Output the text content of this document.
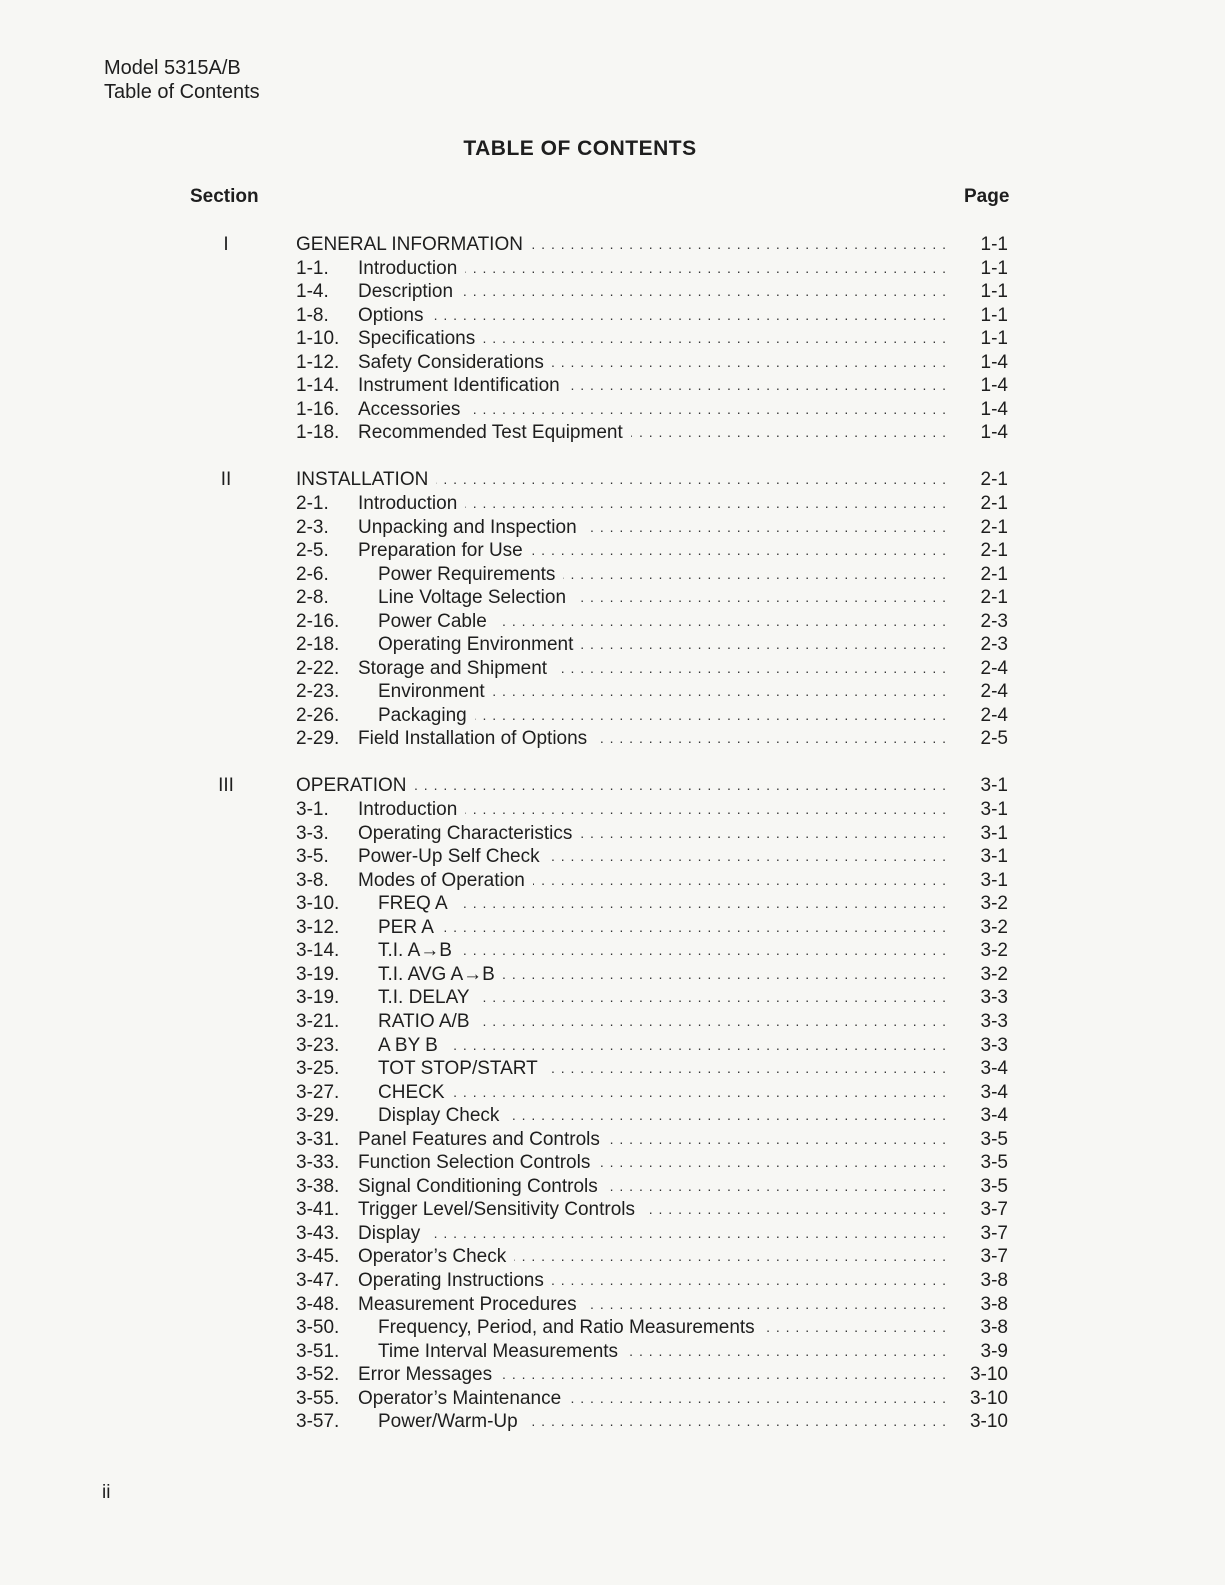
Model 5315A/B
Table of Contents
TABLE OF CONTENTS
Section	Page
I	GENERAL INFORMATION . . .	1-1
1-1. Introduction . . .	1-1
1-4. Description . . .	1-1
1-8. Options . . .	1-1
1-10. Specifications . . .	1-1
1-12. Safety Considerations . . .	1-4
1-14. Instrument Identification . . .	1-4
1-16. Accessories . . .	1-4
1-18. Recommended Test Equipment . . .	1-4
II	INSTALLATION . . .	2-1
2-1. Introduction . . .	2-1
2-3. Unpacking and Inspection . . .	2-1
2-5. Preparation for Use . . .	2-1
2-6.	Power Requirements . . .	2-1
2-8.	Line Voltage Selection . . .	2-1
2-16. Power Cable . . .	2-3
2-18. Operating Environment . . .	2-3
2-22. Storage and Shipment . . .	2-4
2-23. Environment . . .	2-4
2-26. Packaging . . .	2-4
2-29. Field Installation of Options . . .	2-5
III	OPERATION . . .	3-1
3-1. Introduction . . .	3-1
3-3. Operating Characteristics . . .	3-1
3-5. Power-Up Self Check . . .	3-1
3-8. Modes of Operation . . .	3-1
3-10. FREQ A . . .	3-2
3-12. PER A . . .	3-2
3-14. T.I. A→B . . .	3-2
3-19. T.I. AVG A→B . . .	3-2
3-19. T.I. DELAY . . .	3-3
3-21. RATIO A/B . . .	3-3
3-23. A BY B . . .	3-3
3-25. TOT STOP/START . . .	3-4
3-27. CHECK . . .	3-4
3-29. Display Check . . .	3-4
3-31. Panel Features and Controls . . .	3-5
3-33. Function Selection Controls . . .	3-5
3-38. Signal Conditioning Controls . . .	3-5
3-41. Trigger Level/Sensitivity Controls . . .	3-7
3-43. Display . . .	3-7
3-45. Operator’s Check . . .	3-7
3-47. Operating Instructions . . .	3-8
3-48. Measurement Procedures . . .	3-8
3-50. Frequency, Period, and Ratio Measurements . . .	3-8
3-51. Time Interval Measurements . . .	3-9
3-52. Error Messages . . .	3-10
3-55. Operator’s Maintenance . . .	3-10
3-57. Power/Warm-Up . . .	3-10
ii
